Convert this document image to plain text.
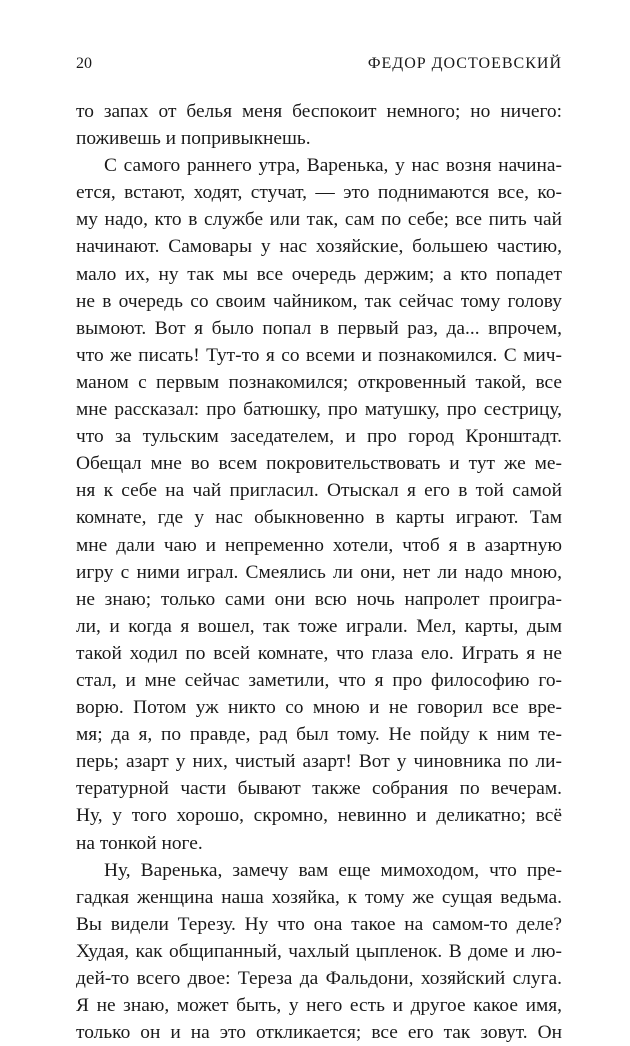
20	ФЕДОР ДОСТОЕВСКИЙ
то запах от белья меня беспокоит немного; но ничего:
поживешь и попривыкнешь.
С самого раннего утра, Варенька, у нас возня начина-
ется, встают, ходят, стучат, — это поднимаются все, ко-
му надо, кто в службе или так, сам по себе; все пить чай
начинают. Самовары у нас хозяйские, большею частию,
мало их, ну так мы все очередь держим; а кто попадет
не в очередь со своим чайником, так сейчас тому голову
вымоют. Вот я было попал в первый раз, да... впрочем,
что же писать! Тут-то я со всеми и познакомился. С мич-
маном с первым познакомился; откровенный такой, все
мне рассказал: про батюшку, про матушку, про сестрицу,
что за тульским заседателем, и про город Кронштадт.
Обещал мне во всем покровительствовать и тут же ме-
ня к себе на чай пригласил. Отыскал я его в той самой
комнате, где у нас обыкновенно в карты играют. Там
мне дали чаю и непременно хотели, чтоб я в азартную
игру с ними играл. Смеялись ли они, нет ли надо мною,
не знаю; только сами они всю ночь напролет проигра-
ли, и когда я вошел, так тоже играли. Мел, карты, дым
такой ходил по всей комнате, что глаза ело. Играть я не
стал, и мне сейчас заметили, что я про философию го-
ворю. Потом уж никто со мною и не говорил все вре-
мя; да я, по правде, рад был тому. Не пойду к ним те-
перь; азарт у них, чистый азарт! Вот у чиновника по ли-
тературной части бывают также собрания по вечерам.
Ну, у того хорошо, скромно, невинно и деликатно; всё
на тонкой ноге.
Ну, Варенька, замечу вам еще мимоходом, что пре-
гадкая женщина наша хозяйка, к тому же сущая ведьма.
Вы видели Терезу. Ну что она такое на самом-то деле?
Худая, как общипанный, чахлый цыпленок. В доме и лю-
дей-то всего двое: Тереза да Фальдони, хозяйский слуга.
Я не знаю, может быть, у него есть и другое какое имя,
только он и на это откликается; все его так зовут. Он
